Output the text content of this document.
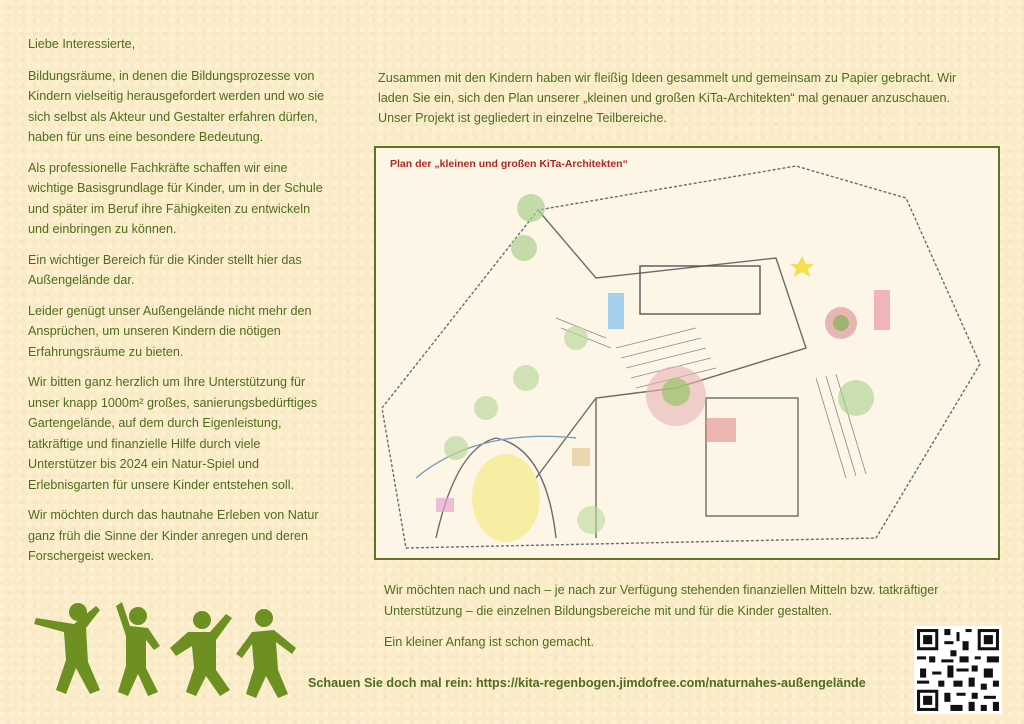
Liebe Interessierte,

Bildungsräume, in denen die Bildungsprozesse von Kindern vielseitig herausgefordert werden und wo sie sich selbst als Akteur und Gestalter erfahren dürfen, haben für uns eine besondere Bedeutung.

Als professionelle Fachkräfte schaffen wir eine wichtige Basisgrundlage für Kinder, um in der Schule und später im Beruf ihre Fähigkeiten zu entwickeln und einbringen zu können.

Ein wichtiger Bereich für die Kinder stellt hier das Außengelände dar.

Leider genügt unser Außengelände nicht mehr den Ansprüchen, um unseren Kindern die nötigen Erfahrungsräume zu bieten.

Wir bitten ganz herzlich um Ihre Unterstützung für unser knapp 1000m² großes, sanierungsbedürftiges Gartengelände, auf dem durch Eigenleistung, tatkräftige und finanzielle Hilfe durch viele Unterstützer bis 2024 ein Natur-Spiel und Erlebnisgarten für unsere Kinder entstehen soll.

Wir möchten durch das hautnahe Erleben von Natur ganz früh die Sinne der Kinder anregen und deren Forschergeist wecken.

Zusammen mit den Kindern haben wir fleißig Ideen gesammelt und gemeinsam zu Papier gebracht. Wir laden Sie ein, sich den Plan unserer „kleinen und großen KiTa-Architekten“ mal genauer anzuschauen. Unser Projekt ist gegliedert in einzelne Teilbereiche.
Plan der „kleinen und großen KiTa-Architekten“

Wir möchten nach und nach – je nach zur Verfügung stehenden finanziellen Mitteln bzw. tatkräftiger Unterstützung – die einzelnen Bildungsbereiche mit und für die Kinder gestalten.

Ein kleiner Anfang ist schon gemacht.

Schauen Sie doch mal rein: https://kita-regenbogen.jimdofree.com/naturnahes-außengelände
